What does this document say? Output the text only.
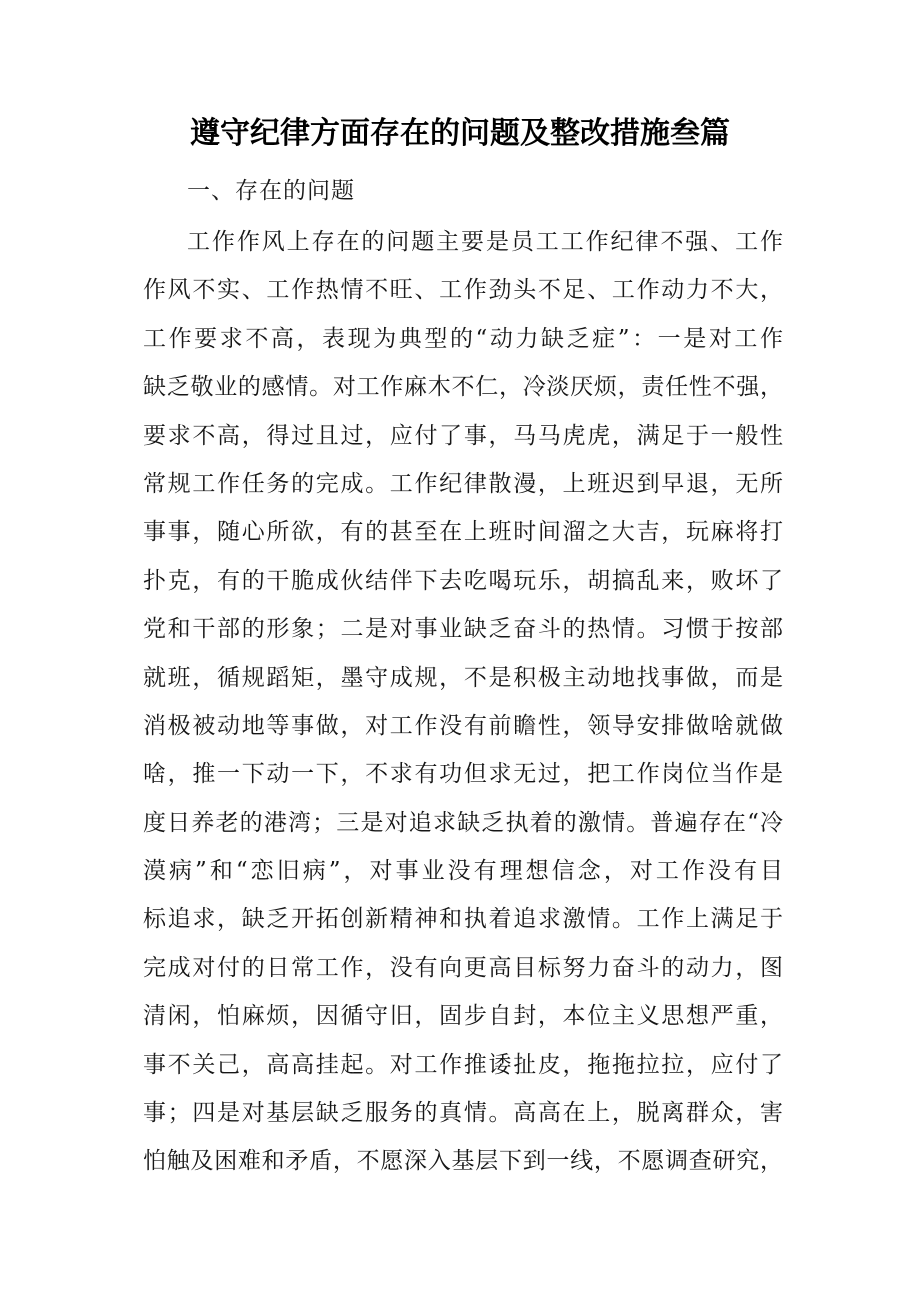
遵守纪律方面存在的问题及整改措施叁篇

一、存在的问题

工作作风上存在的问题主要是员工工作纪律不强、工作
作风不实、工作热情不旺、工作劲头不足、工作动力不大，
工作要求不高，表现为典型的“动力缺乏症”：一是对工作
缺乏敬业的感情。对工作麻木不仁，冷淡厌烦，责任性不强，
要求不高，得过且过，应付了事，马马虎虎，满足于一般性
常规工作任务的完成。工作纪律散漫，上班迟到早退，无所
事事，随心所欲，有的甚至在上班时间溜之大吉，玩麻将打
扑克，有的干脆成伙结伴下去吃喝玩乐，胡搞乱来，败坏了
党和干部的形象；二是对事业缺乏奋斗的热情。习惯于按部
就班，循规蹈矩，墨守成规，不是积极主动地找事做，而是
消极被动地等事做，对工作没有前瞻性，领导安排做啥就做
啥，推一下动一下，不求有功但求无过，把工作岗位当作是
度日养老的港湾；三是对追求缺乏执着的激情。普遍存在“冷
漠病”和“恋旧病”，对事业没有理想信念，对工作没有目
标追求，缺乏开拓创新精神和执着追求激情。工作上满足于
完成对付的日常工作，没有向更高目标努力奋斗的动力，图
清闲，怕麻烦，因循守旧，固步自封，本位主义思想严重，
事不关己，高高挂起。对工作推诿扯皮，拖拖拉拉，应付了
事；四是对基层缺乏服务的真情。高高在上，脱离群众，害
怕触及困难和矛盾，不愿深入基层下到一线，不愿调查研究，
